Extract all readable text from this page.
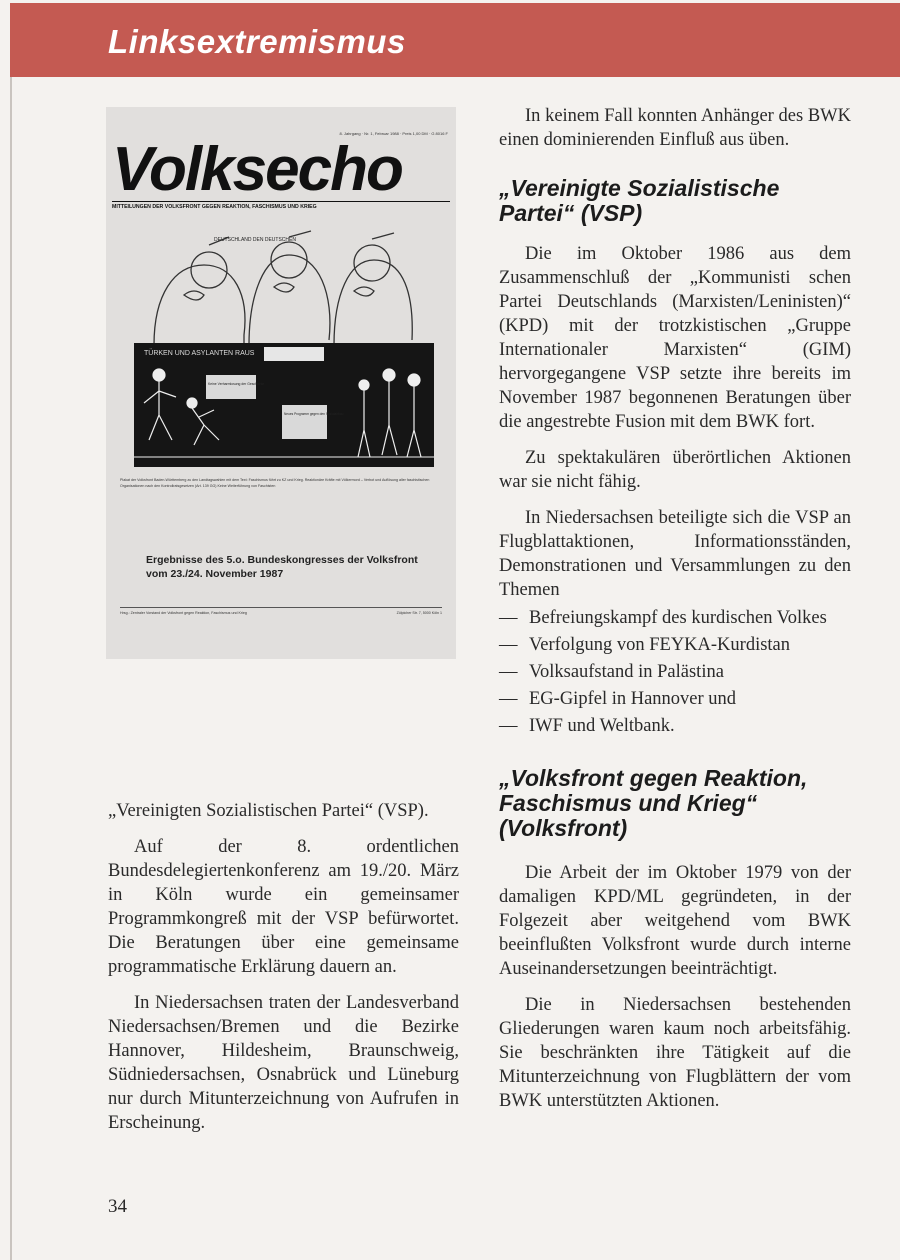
Linksextremismus
8. Jahrgang · Nr. 1, Februar 1988 · Preis 1,00 DM · G 8016 F
Volksecho
MITTEILUNGEN DER VOLKSFRONT GEGEN REAKTION, FASCHISMUS UND KRIEG
DEUTSCHLAND DEN DEUTSCHEN
TÜRKEN UND ASYLANTEN RAUS
Keine Verharmlosung der Geschichte
Neues Programm gegen den Sozialabbau
Plakat der Volksfront Baden-Württemberg zu den Landtagswahlen mit dem Text: Faschismus führt zu KZ und Krieg. Reaktionäre Kräfte mit Völkermord – Verbot und Auflösung aller faschistischen Organisationen nach den Kontrollratsgesetzen (Art. 139 GG) Keine Weiterführung von Faschisten
Ergebnisse des 5.o. Bundeskongresses der Volksfront vom 23./24. November 1987
Hrsg.: Zentraler Vorstand der Volksfront gegen Reaktion, Faschismus und Krieg	Zülpicher Str. 7, 5000 Köln 1

„Vereinigten Sozialistischen Partei“ (VSP).

Auf der 8. ordentlichen Bundesdelegiertenkonferenz am 19./20. März in Köln wurde ein gemeinsamer Programmkongreß mit der VSP befürwortet. Die Beratungen über eine gemeinsame programmatische Erklärung dauern an.

In Niedersachsen traten der Landesverband Niedersachsen/Bremen und die Bezirke Hannover, Hildesheim, Braunschweig, Südniedersachsen, Osnabrück und Lüneburg nur durch Mitunterzeichnung von Aufrufen in Erscheinung.

In keinem Fall konnten Anhänger des BWK einen dominierenden Einfluß aus üben.

„Vereinigte Sozialistische Partei“ (VSP)

Die im Oktober 1986 aus dem Zusammenschluß der „Kommunisti schen Partei Deutschlands (Marxisten/Leninisten)“ (KPD) mit der trotzkistischen „Gruppe Internationaler Marxisten“ (GIM) hervorgegangene VSP setzte ihre bereits im November 1987 begonnenen Beratungen über die angestrebte Fusion mit dem BWK fort.

Zu spektakulären überörtlichen Aktionen war sie nicht fähig.

In Niedersachsen beteiligte sich die VSP an Flugblattaktionen, Informationsständen, Demonstrationen und Versammlungen zu den Themen

— Befreiungskampf des kurdischen Volkes
— Verfolgung von FEYKA-Kurdistan
— Volksaufstand in Palästina
— EG-Gipfel in Hannover und
— IWF und Weltbank.
„Volksfront gegen Reaktion, Faschismus und Krieg“ (Volksfront)

Die Arbeit der im Oktober 1979 von der damaligen KPD/ML gegründeten, in der Folgezeit aber weitgehend vom BWK beeinflußten Volksfront wurde durch interne Auseinandersetzungen beeinträchtigt.

Die in Niedersachsen bestehenden Gliederungen waren kaum noch arbeitsfähig. Sie beschränkten ihre Tätigkeit auf die Mitunterzeichnung von Flugblättern der vom BWK unterstützten Aktionen.

34
